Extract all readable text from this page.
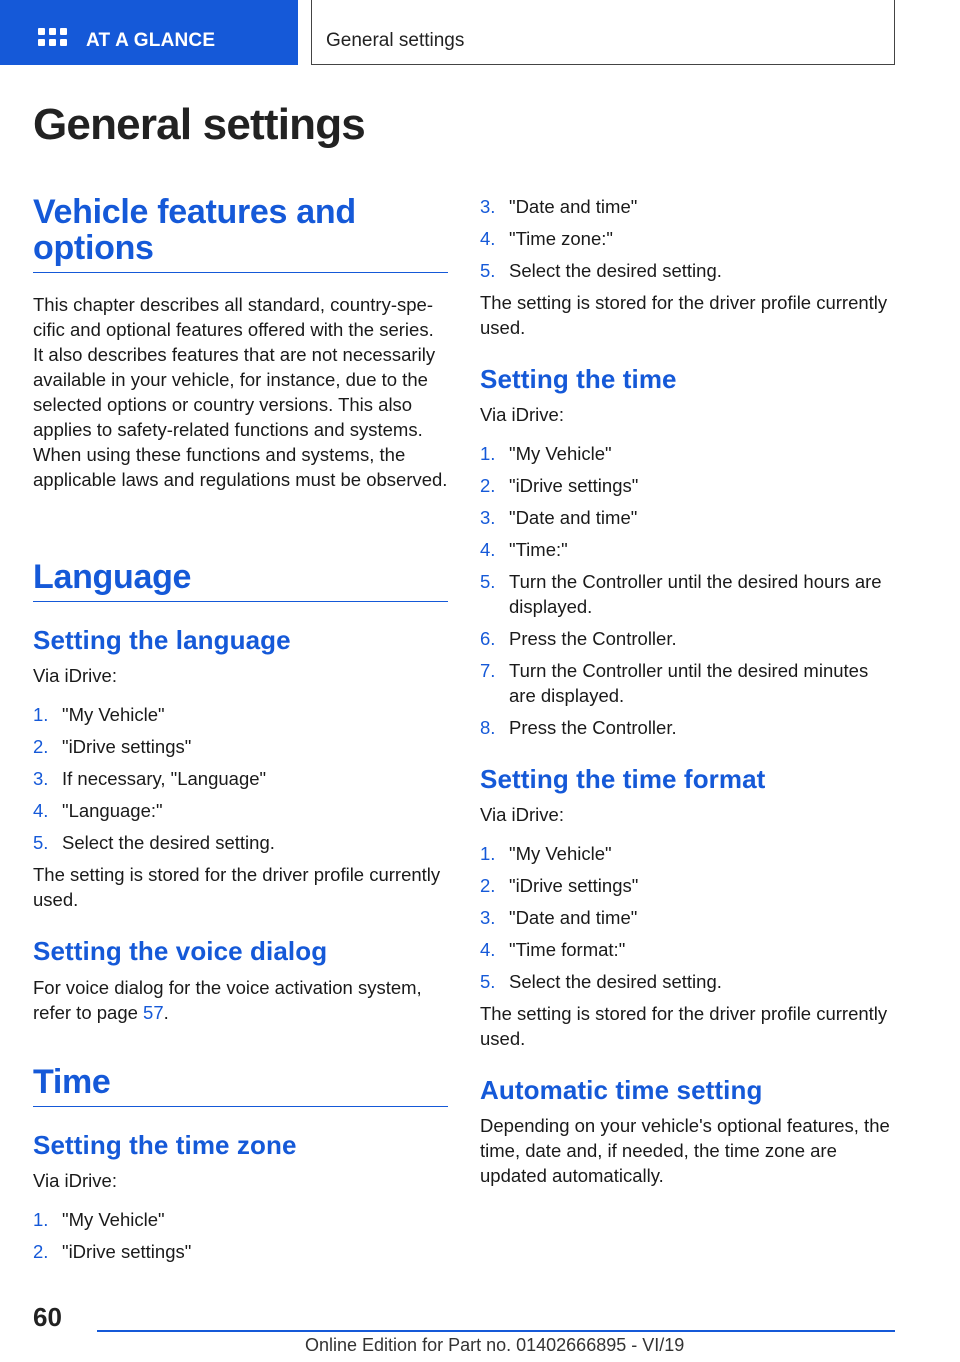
AT A GLANCE	General settings
General settings
Vehicle features and options

This chapter describes all standard, country-specific and optional features offered with the series. It also describes features that are not necessarily available in your vehicle, for instance, due to the selected options or country versions. This also applies to safety-related functions and systems. When using these functions and systems, the applicable laws and regulations must be observed.

Language
Setting the language

Via iDrive:

1. "My Vehicle"
2. "iDrive settings"
3. If necessary, "Language"
4. "Language:"
5. Select the desired setting.

The setting is stored for the driver profile currently used.

Setting the voice dialog

For voice dialog for the voice activation system, refer to page 57.

Time
Setting the time zone

Via iDrive:

1. "My Vehicle"
2. "iDrive settings"
3. "Date and time"
4. "Time zone:"
5. Select the desired setting.

The setting is stored for the driver profile currently used.

Setting the time

Via iDrive:

1. "My Vehicle"
2. "iDrive settings"
3. "Date and time"
4. "Time:"
5. Turn the Controller until the desired hours are displayed.
6. Press the Controller.
7. Turn the Controller until the desired minutes are displayed.
8. Press the Controller.
Setting the time format

Via iDrive:

1. "My Vehicle"
2. "iDrive settings"
3. "Date and time"
4. "Time format:"
5. Select the desired setting.

The setting is stored for the driver profile currently used.

Automatic time setting

Depending on your vehicle's optional features, the time, date and, if needed, the time zone are updated automatically.

60
Online Edition for Part no. 01402666895 - VI/19
